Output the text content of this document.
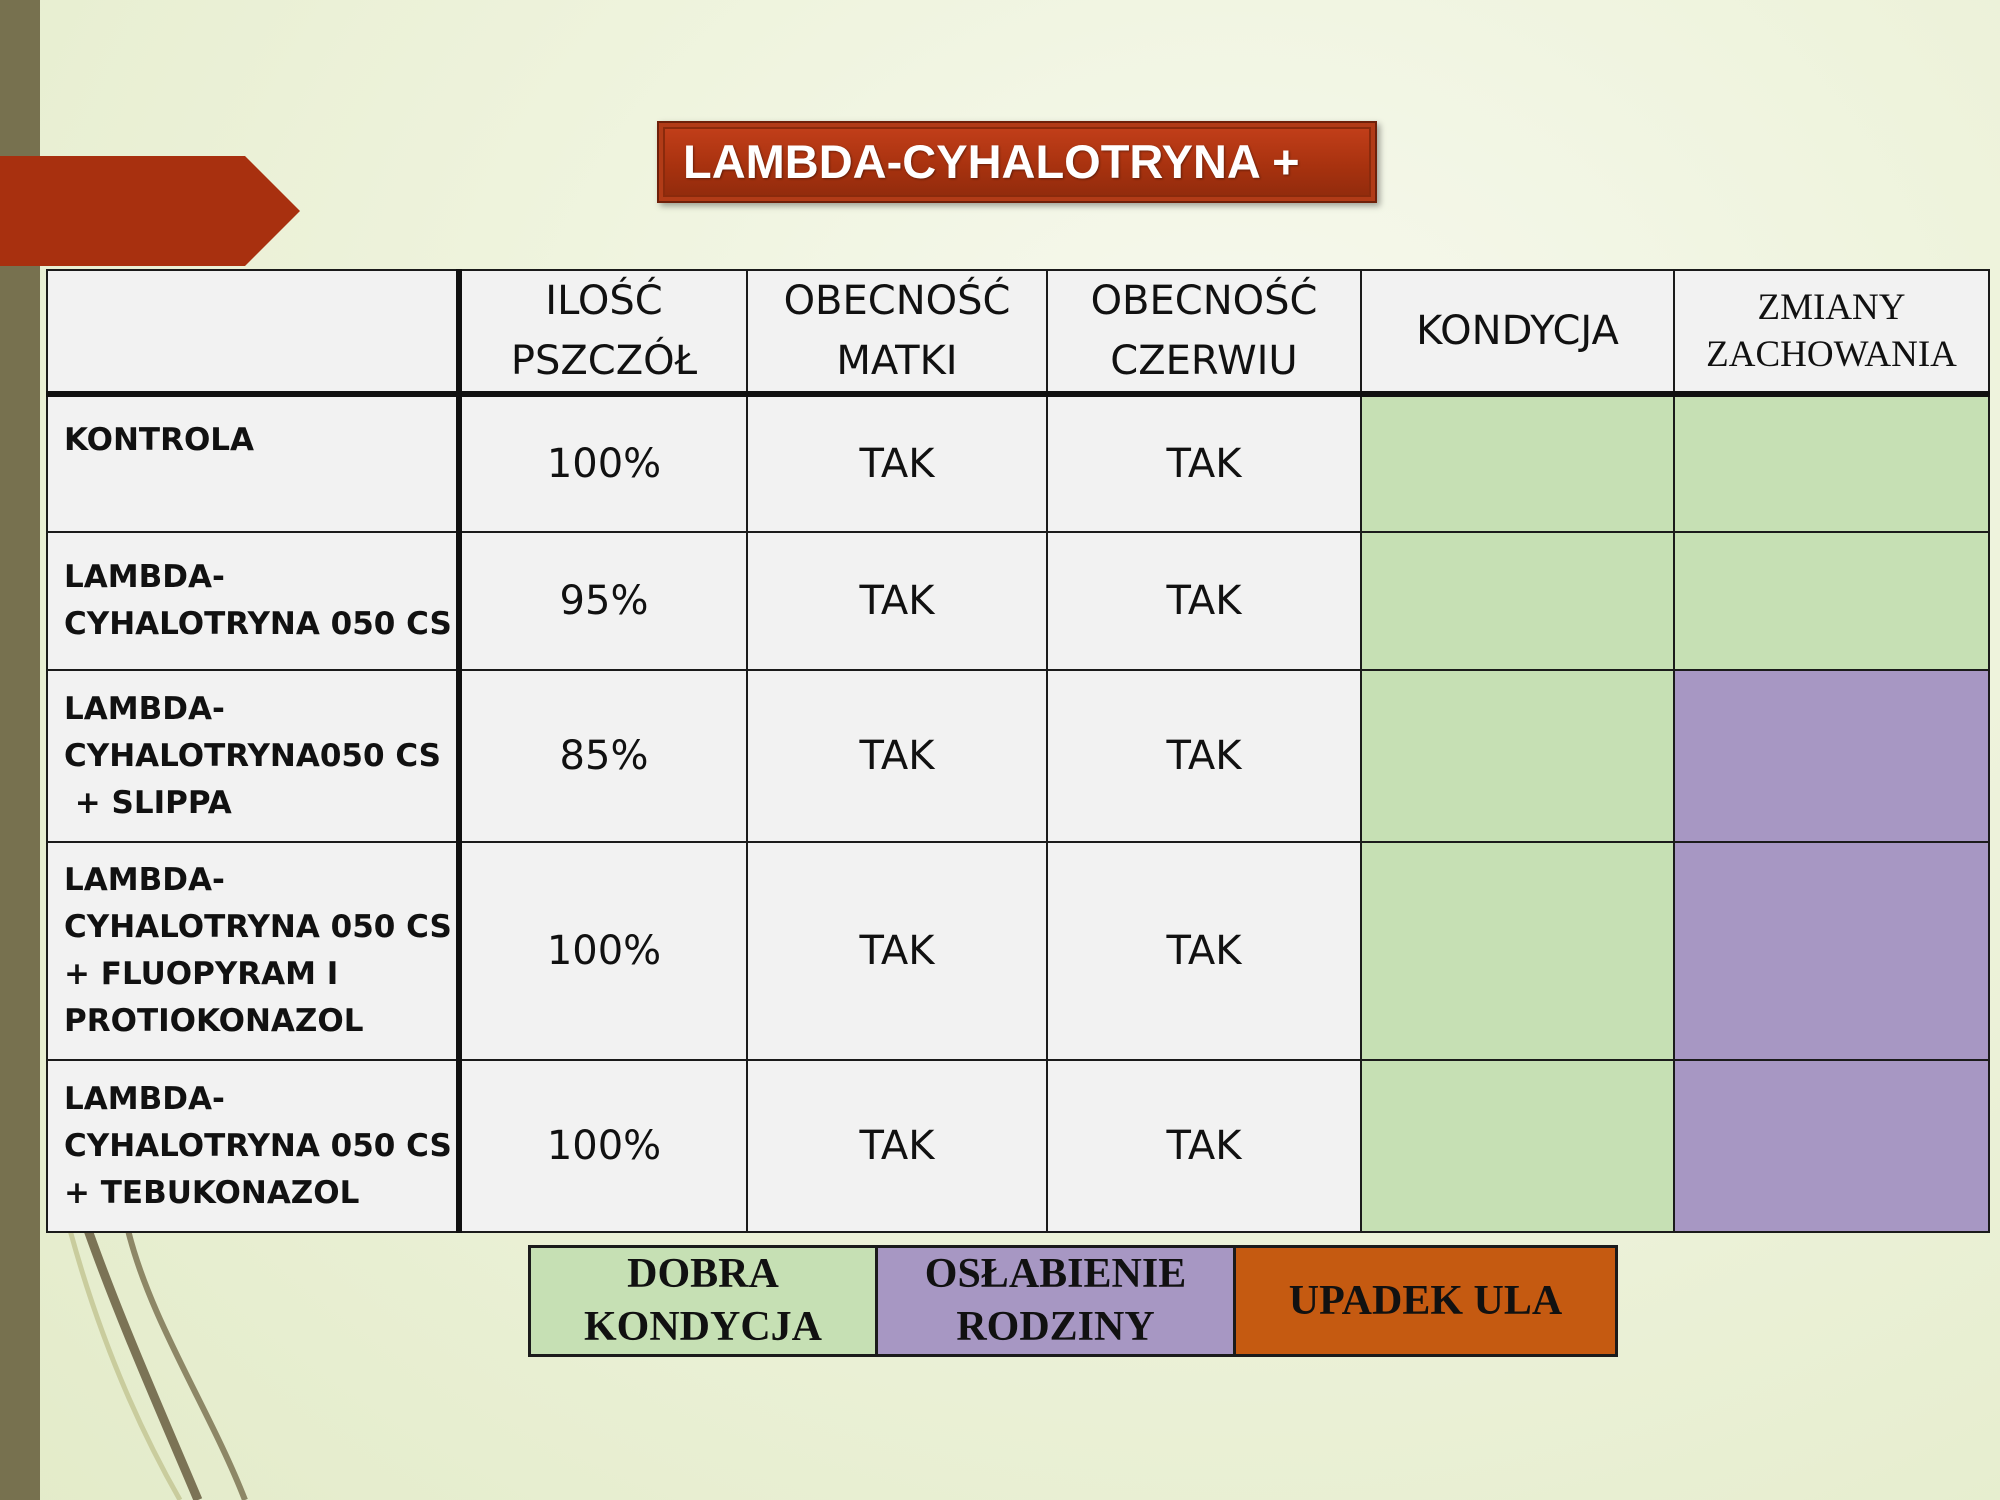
LAMBDA-CYHALOTRYNA +
	ILOŚĆ
PSZCZÓŁ	OBECNOŚĆ
MATKI	OBECNOŚĆ
CZERWIU	KONDYCJA	ZMIANY
ZACHOWANIA
KONTROLA	100%	TAK	TAK		
LAMBDA-
CYHALOTRYNA 050 CS	95%	TAK	TAK		
LAMBDA-
CYHALOTRYNA050 CS
+ SLIPPA	85%	TAK	TAK		
LAMBDA-
CYHALOTRYNA 050 CS
+ FLUOPYRAM I
PROTIOKONAZOL	100%	TAK	TAK		
LAMBDA-
CYHALOTRYNA 050 CS
+ TEBUKONAZOL	100%	TAK	TAK		
DOBRA
KONDYCJA	OSŁABIENIE
RODZINY	UPADEK ULA
